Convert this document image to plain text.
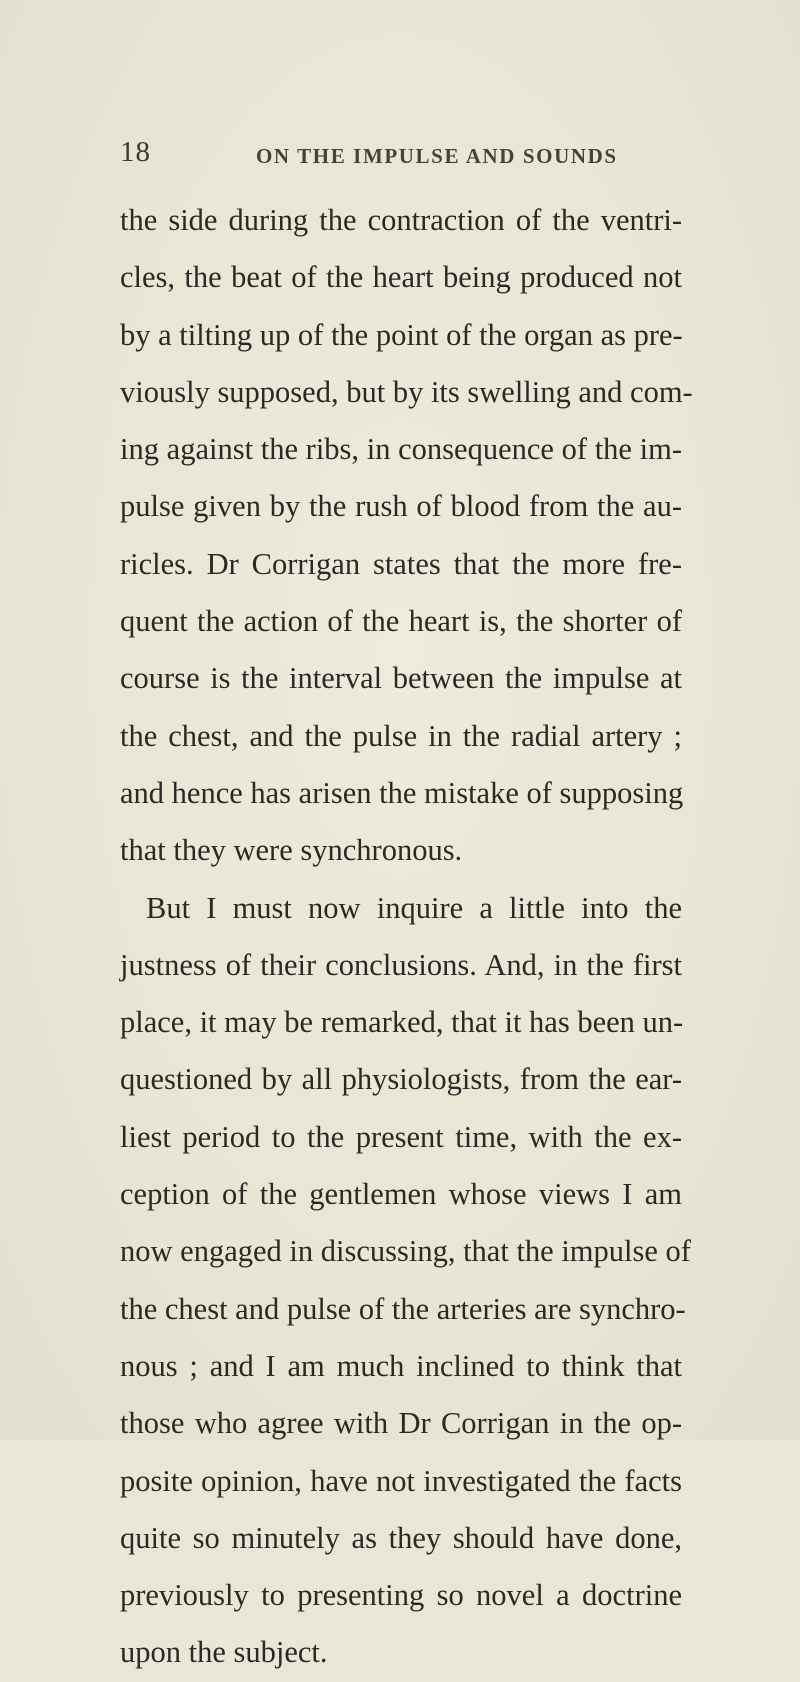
18	ON THE IMPULSE AND SOUNDS
the side during the contraction of the ventri-
cles, the beat of the heart being produced not
by a tilting up of the point of the organ as pre-
viously supposed, but by its swelling and com-
ing against the ribs, in consequence of the im-
pulse given by the rush of blood from the au-
ricles. Dr Corrigan states that the more fre-
quent the action of the heart is, the shorter of
course is the interval between the impulse at
the chest, and the pulse in the radial artery ;
and hence has arisen the mistake of supposing
that they were synchronous.
But I must now inquire a little into the
justness of their conclusions. And, in the first
place, it may be remarked, that it has been un-
questioned by all physiologists, from the ear-
liest period to the present time, with the ex-
ception of the gentlemen whose views I am
now engaged in discussing, that the impulse of
the chest and pulse of the arteries are synchro-
nous ; and I am much inclined to think that
those who agree with Dr Corrigan in the op-
posite opinion, have not investigated the facts
quite so minutely as they should have done,
previously to presenting so novel a doctrine
upon the subject.
